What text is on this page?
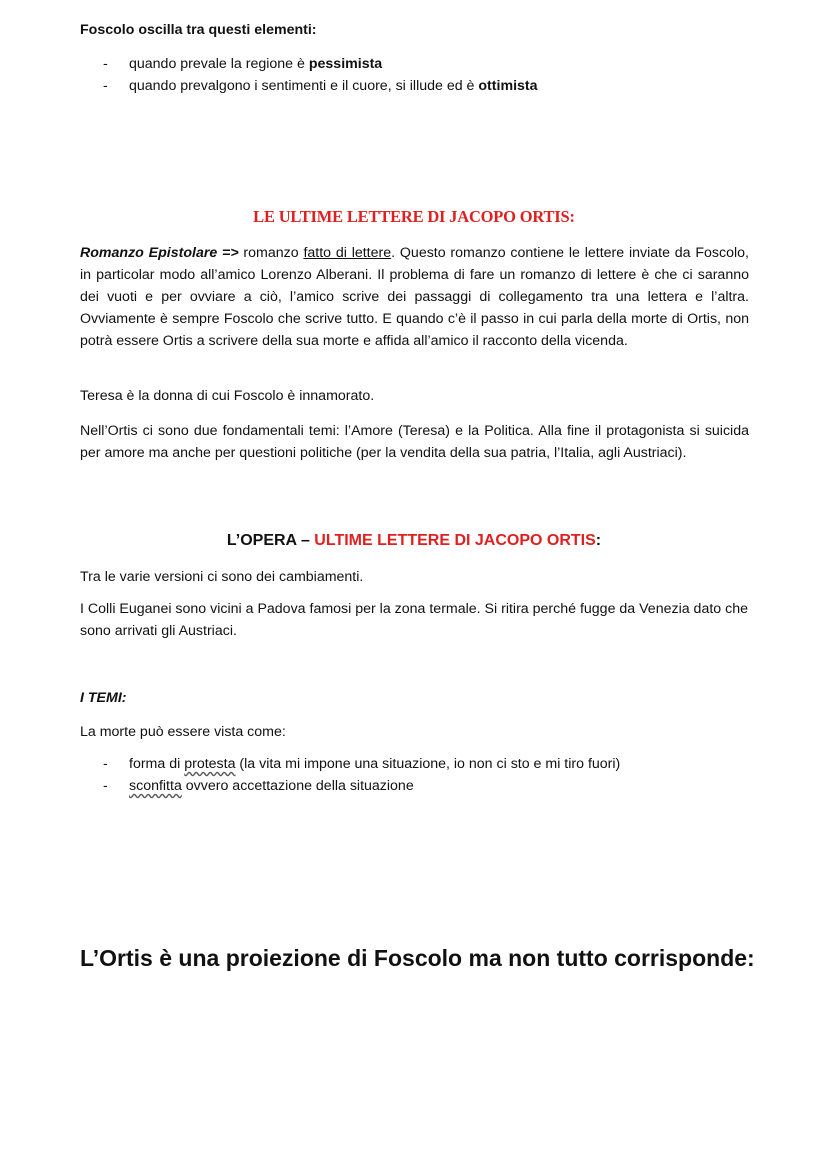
Foscolo oscilla tra questi elementi:

- quando prevale la regione è pessimista
- quando prevalgono i sentimenti e il cuore, si illude ed è ottimista
LE ULTIME LETTERE DI JACOPO ORTIS:

Romanzo Epistolare => romanzo fatto di lettere. Questo romanzo contiene le lettere inviate da Foscolo, in particolar modo all’amico Lorenzo Alberani. Il problema di fare un romanzo di lettere è che ci saranno dei vuoti e per ovviare a ciò, l’amico scrive dei passaggi di collegamento tra una lettera e l’altra. Ovviamente è sempre Foscolo che scrive tutto. E quando c’è il passo in cui parla della morte di Ortis, non potrà essere Ortis a scrivere della sua morte e affida all’amico il racconto della vicenda.

Teresa è la donna di cui Foscolo è innamorato.

Nell’Ortis ci sono due fondamentali temi: l’Amore (Teresa) e la Politica. Alla fine il protagonista si suicida per amore ma anche per questioni politiche (per la vendita della sua patria, l’Italia, agli Austriaci).

L’OPERA – ULTIME LETTERE DI JACOPO ORTIS:

Tra le varie versioni ci sono dei cambiamenti.

I Colli Euganei sono vicini a Padova famosi per la zona termale. Si ritira perché fugge da Venezia dato che sono arrivati gli Austriaci.

I TEMI:

La morte può essere vista come:

- forma di protesta (la vita mi impone una situazione, io non ci sto e mi tiro fuori)
- sconfitta ovvero accettazione della situazione
L’Ortis è una proiezione di Foscolo ma non tutto corrisponde:
